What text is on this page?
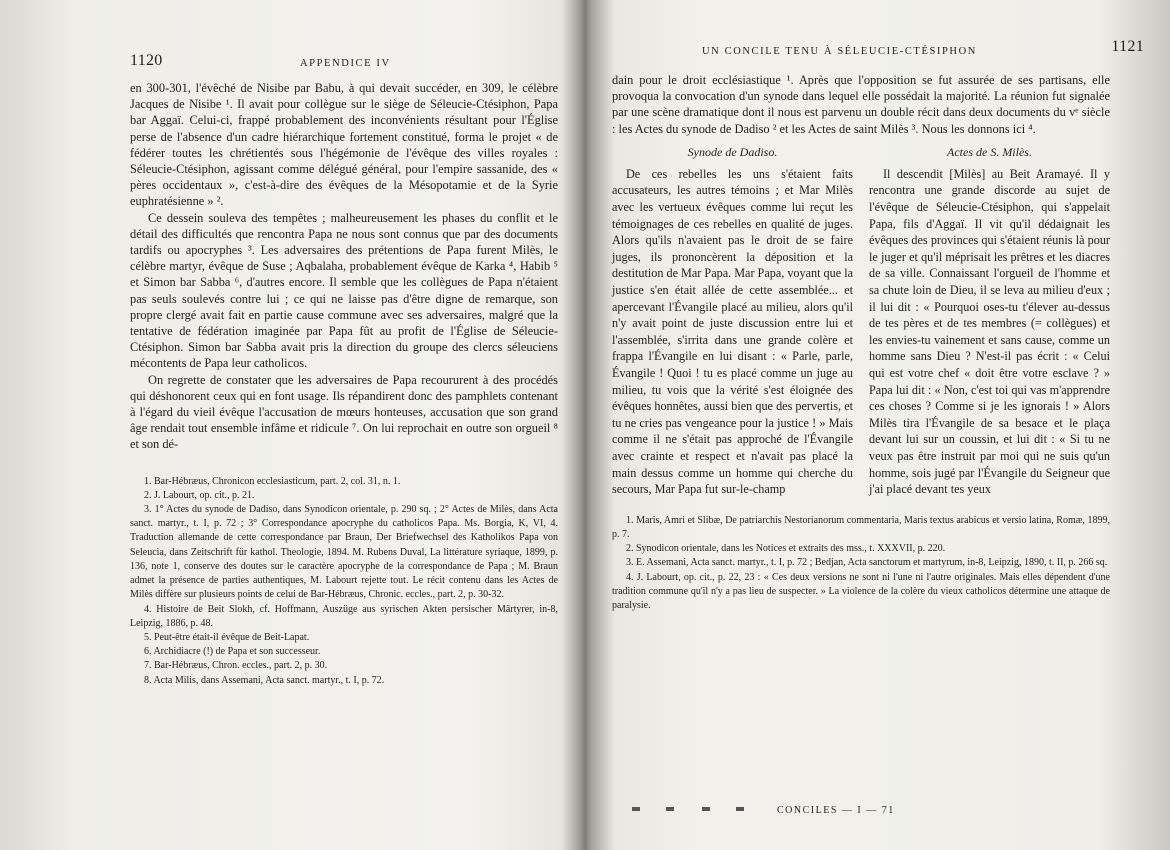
1120	APPENDICE IV

en 300-301, l'évêché de Nisibe par Babu, à qui devait succéder, en 309, le célèbre Jacques de Nisibe ¹. Il avait pour collègue sur le siège de Séleucie-Ctésiphon, Papa bar Aggaï. Celui-ci, frappé probablement des inconvénients résultant pour l'Église perse de l'absence d'un cadre hiérarchique fortement constitué, forma le projet « de fédérer toutes les chrétientés sous l'hégémonie de l'évêque des villes royales : Séleucie-Ctésiphon, agissant comme délégué général, pour l'empire sassanide, des « pères occidentaux », c'est-à-dire des évêques de la Mésopotamie et de la Syrie euphratésienne » ².

Ce dessein souleva des tempêtes ; malheureusement les phases du conflit et le détail des difficultés que rencontra Papa ne nous sont connus que par des documents tardifs ou apocryphes ³. Les adversaires des prétentions de Papa furent Milès, le célèbre martyr, évêque de Suse ; Aqbalaha, probablement évêque de Karka ⁴, Habib ⁵ et Simon bar Sabba ⁶, d'autres encore. Il semble que les collègues de Papa n'étaient pas seuls soulevés contre lui ; ce qui ne laisse pas d'être digne de remarque, son propre clergé avait fait en partie cause commune avec ses adversaires, malgré que la tentative de fédération imaginée par Papa fût au profit de l'Église de Séleucie-Ctésiphon. Simon bar Sabba avait pris la direction du groupe des clercs séleuciens mécontents de Papa leur catholicos.

On regrette de constater que les adversaires de Papa recoururent à des procédés qui déshonorent ceux qui en font usage. Ils répandirent donc des pamphlets contenant à l'égard du vieil évêque l'accusation de mœurs honteuses, accusation que son grand âge rendait tout ensemble infâme et ridicule ⁷. On lui reprochait en outre son orgueil ⁸ et son dé-

1. Bar-Hébræus, Chronicon ecclesiasticum, part. 2, col. 31, n. 1.

2. J. Labourt, op. cit., p. 21.

3. 1° Actes du synode de Dadiso, dans Synodicon orientale, p. 290 sq. ; 2° Actes de Milès, dans Acta sanct. martyr., t. I, p. 72 ; 3° Correspondance apocryphe du catholicos Papa. Ms. Borgia, K, VI, 4. Traduction allemande de cette correspondance par Braun, Der Briefwechsel des Katholikos Papa von Seleucia, dans Zeitschrift für kathol. Theologie, 1894. M. Rubens Duval, La littérature syriaque, 1899, p. 136, note 1, conserve des doutes sur le caractère apocryphe de la correspondance de Papa ; M. Braun admet la présence de parties authentiques, M. Labourt rejette tout. Le récit contenu dans les Actes de Milès diffère sur plusieurs points de celui de Bar-Hébræus, Chronic. eccles., part. 2, p. 30-32.

4. Histoire de Beit Slokh, cf. Hoffmann, Auszüge aus syrischen Akten persischer Märtyrer, in-8, Leipzig, 1886, p. 48.

5. Peut-être était-il évêque de Beit-Lapat.

6. Archidiacre (!) de Papa et son successeur.

7. Bar-Hébræus, Chron. eccles., part. 2, p. 30.

8. Acta Milis, dans Assemani, Acta sanct. martyr., t. I, p. 72.

UN CONCILE TENU À SÉLEUCIE-CTÉSIPHON	1121

dain pour le droit ecclésiastique ¹. Après que l'opposition se fut assurée de ses partisans, elle provoqua la convocation d'un synode dans lequel elle possédait la majorité. La réunion fut signalée par une scène dramatique dont il nous est parvenu un double récit dans deux documents du vᵉ siècle : les Actes du synode de Dadiso ² et les Actes de saint Milès ³. Nous les donnons ici ⁴.

Synode de Dadiso.

De ces rebelles les uns s'étaient faits accusateurs, les autres témoins ; et Mar Milès avec les vertueux évêques comme lui reçut les témoignages de ces rebelles en qualité de juges. Alors qu'ils n'avaient pas le droit de se faire juges, ils prononcèrent la déposition et la destitution de Mar Papa. Mar Papa, voyant que la justice s'en était allée de cette assemblée... et apercevant l'Évangile placé au milieu, alors qu'il n'y avait point de juste discussion entre lui et l'assemblée, s'irrita dans une grande colère et frappa l'Évangile en lui disant : « Parle, parle, Évangile ! Quoi ! tu es placé comme un juge au milieu, tu vois que la vérité s'est éloignée des évêques honnêtes, aussi bien que des pervertis, et tu ne cries pas vengeance pour la justice ! » Mais comme il ne s'était pas approché de l'Évangile avec crainte et respect et n'avait pas placé la main dessus comme un homme qui cherche du secours, Mar Papa fut sur-le-champ

Actes de S. Milès.

Il descendit [Milès] au Beit Aramayé. Il y rencontra une grande discorde au sujet de l'évêque de Séleucie-Ctésiphon, qui s'appelait Papa, fils d'Aggaï. Il vit qu'il dédaignait les évêques des provinces qui s'étaient réunis là pour le juger et qu'il méprisait les prêtres et les diacres de sa ville. Connaissant l'orgueil de l'homme et sa chute loin de Dieu, il se leva au milieu d'eux ; il lui dit : « Pourquoi oses-tu t'élever au-dessus de tes pères et de tes membres (= collègues) et les envies-tu vainement et sans cause, comme un homme sans Dieu ? N'est-il pas écrit : « Celui qui est votre chef « doit être votre esclave ? » Papa lui dit : « Non, c'est toi qui vas m'apprendre ces choses ? Comme si je les ignorais ! » Alors Milès tira l'Évangile de sa besace et le plaça devant lui sur un coussin, et lui dit : « Si tu ne veux pas être instruit par moi qui ne suis qu'un homme, sois jugé par l'Évangile du Seigneur que j'ai placé devant tes yeux

1. Maris, Amri et Slibæ, De patriarchis Nestorianorum commentaria, Maris textus arabicus et versio latina, Romæ, 1899, p. 7.

2. Synodicon orientale, dans les Notices et extraits des mss., t. XXXVII, p. 220.

3. E. Assemani, Acta sanct. martyr., t. I, p. 72 ; Bedjan, Acta sanctorum et martyrum, in-8, Leipzig, 1890, t. II, p. 266 sq.

4. J. Labourt, op. cit., p. 22, 23 : « Ces deux versions ne sont ni l'une ni l'autre originales. Mais elles dépendent d'une tradition commune qu'il n'y a pas lieu de suspecter. » La violence de la colère du vieux catholicos détermine une attaque de paralysie.

CONCILES — I — 71
